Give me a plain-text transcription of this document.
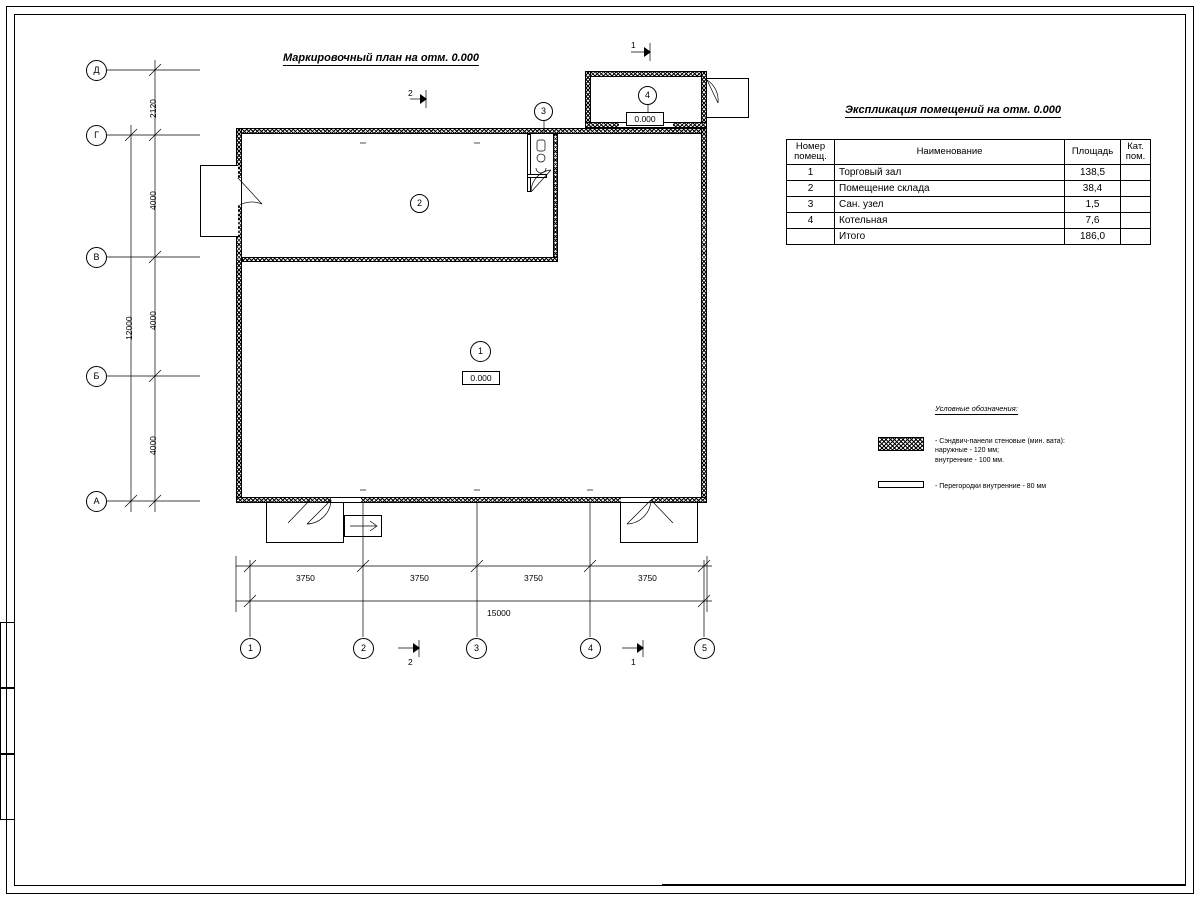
Маркировочный план на отм. 0.000
Экспликация помещений на отм. 0.000
Условные обозначения:
Номер
помещ.	Наименование	Площадь	Кат.
пом.

1	Торговый зал	138,5	
2	Помещение склада	38,4	
3	Сан. узел	1,5	
4	Котельная	7,6	
	Итого	186,0	
- Сэндвич-панели стеновые (мин. вата):
наружные - 120 мм;
внутренние - 100 мм.
- Перегородки внутренние - 80 мм
2
1
3
4
0.000
0.000
Д
Г
В
Б
А
1	2	3	4	5
2120
4000
4000
4000
12000
3750	3750	3750	3750
15000
2
1
2	1
